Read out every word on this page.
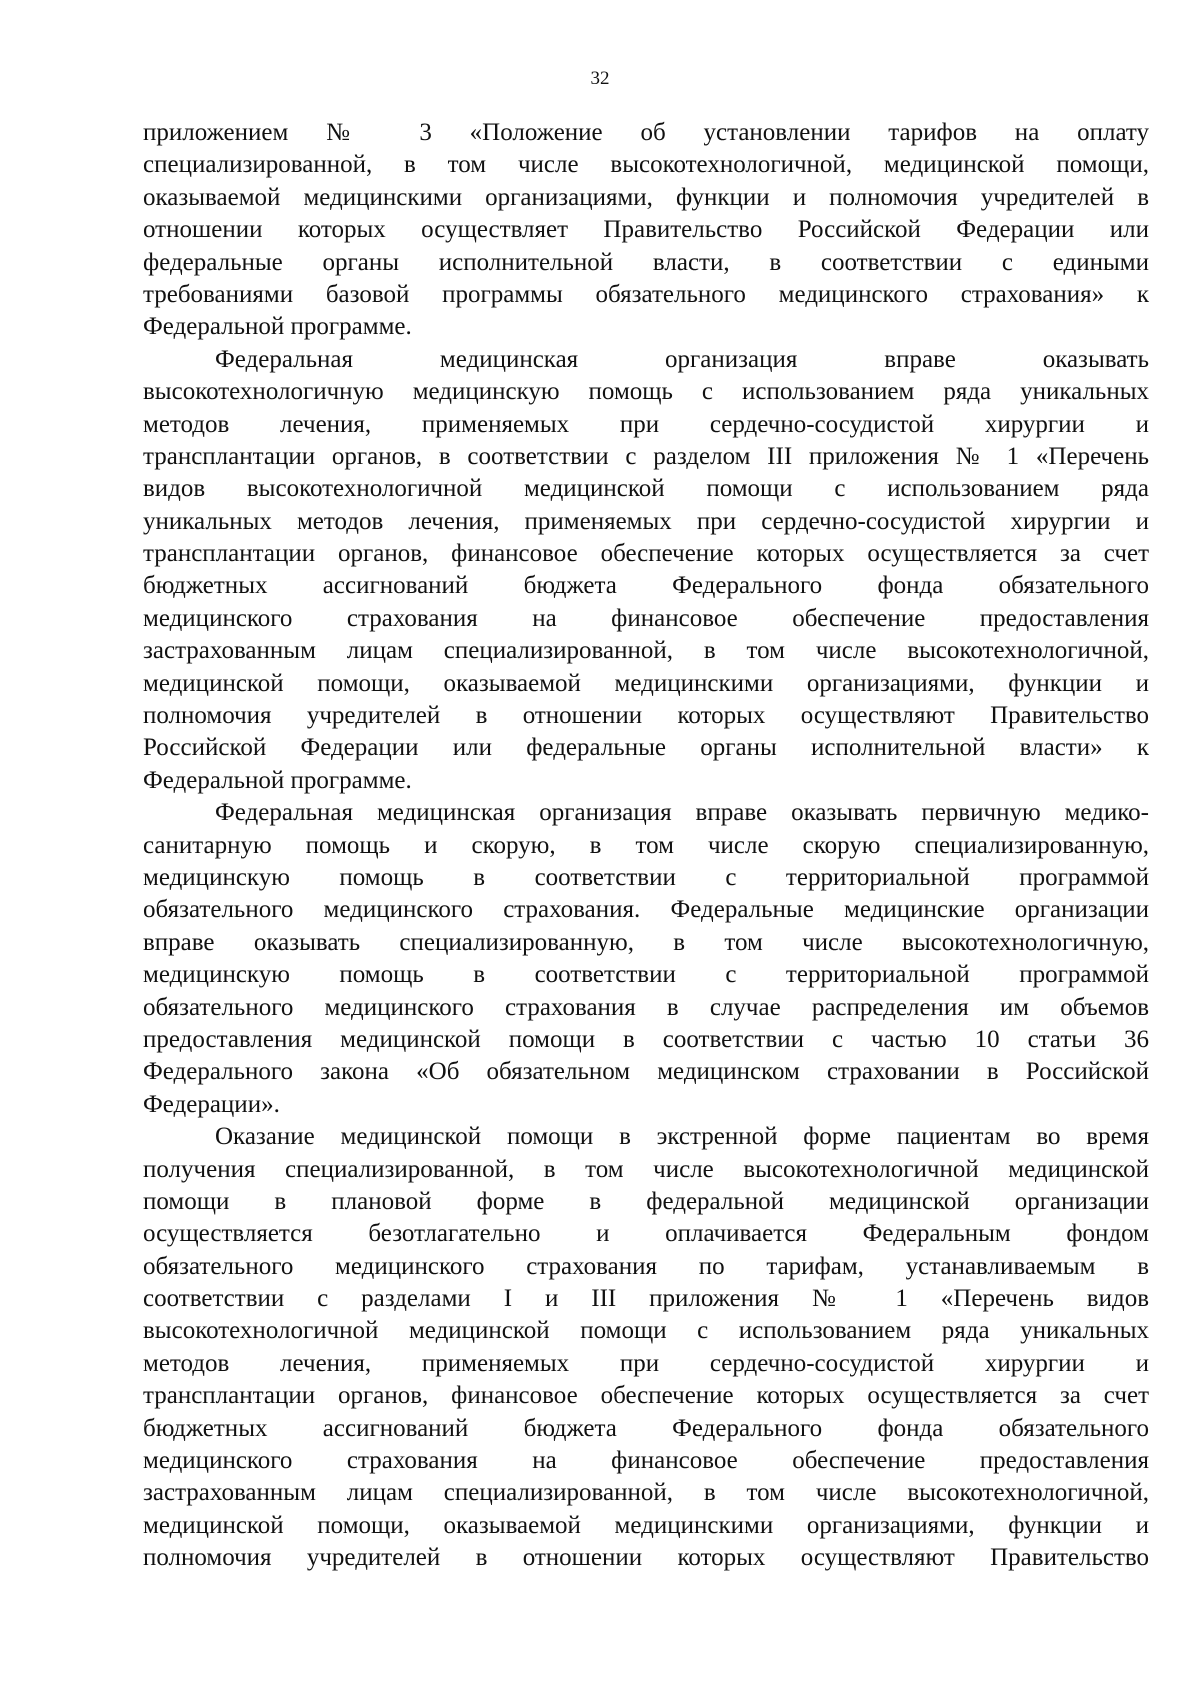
32

приложением № 3 «Положение об установлении тарифов на оплату
специализированной, в том числе высокотехнологичной, медицинской помощи,
оказываемой медицинскими организациями, функции и полномочия учредителей в
отношении которых осуществляет Правительство Российской Федерации или
федеральные органы исполнительной власти, в соответствии с едиными
требованиями базовой программы обязательного медицинского страхования» к
Федеральной программе.

Федеральная медицинская организация вправе оказывать
высокотехнологичную медицинскую помощь с использованием ряда уникальных
методов лечения, применяемых при сердечно-сосудистой хирургии и
трансплантации органов, в соответствии с разделом III приложения № 1 «Перечень
видов высокотехнологичной медицинской помощи с использованием ряда
уникальных методов лечения, применяемых при сердечно-сосудистой хирургии и
трансплантации органов, финансовое обеспечение которых осуществляется за счет
бюджетных ассигнований бюджета Федерального фонда обязательного
медицинского страхования на финансовое обеспечение предоставления
застрахованным лицам специализированной, в том числе высокотехнологичной,
медицинской помощи, оказываемой медицинскими организациями, функции и
полномочия учредителей в отношении которых осуществляют Правительство
Российской Федерации или федеральные органы исполнительной власти» к
Федеральной программе.

Федеральная медицинская организация вправе оказывать первичную медико-
санитарную помощь и скорую, в том числе скорую специализированную,
медицинскую помощь в соответствии с территориальной программой
обязательного медицинского страхования. Федеральные медицинские организации
вправе оказывать специализированную, в том числе высокотехнологичную,
медицинскую помощь в соответствии с территориальной программой
обязательного медицинского страхования в случае распределения им объемов
предоставления медицинской помощи в соответствии с частью 10 статьи 36
Федерального закона «Об обязательном медицинском страховании в Российской
Федерации».

Оказание медицинской помощи в экстренной форме пациентам во время
получения специализированной, в том числе высокотехнологичной медицинской
помощи в плановой форме в федеральной медицинской организации
осуществляется безотлагательно и оплачивается Федеральным фондом
обязательного медицинского страхования по тарифам, устанавливаемым в
соответствии с разделами I и III приложения № 1 «Перечень видов
высокотехнологичной медицинской помощи с использованием ряда уникальных
методов лечения, применяемых при сердечно-сосудистой хирургии и
трансплантации органов, финансовое обеспечение которых осуществляется за счет
бюджетных ассигнований бюджета Федерального фонда обязательного
медицинского страхования на финансовое обеспечение предоставления
застрахованным лицам специализированной, в том числе высокотехнологичной,
медицинской помощи, оказываемой медицинскими организациями, функции и
полномочия учредителей в отношении которых осуществляют Правительство
